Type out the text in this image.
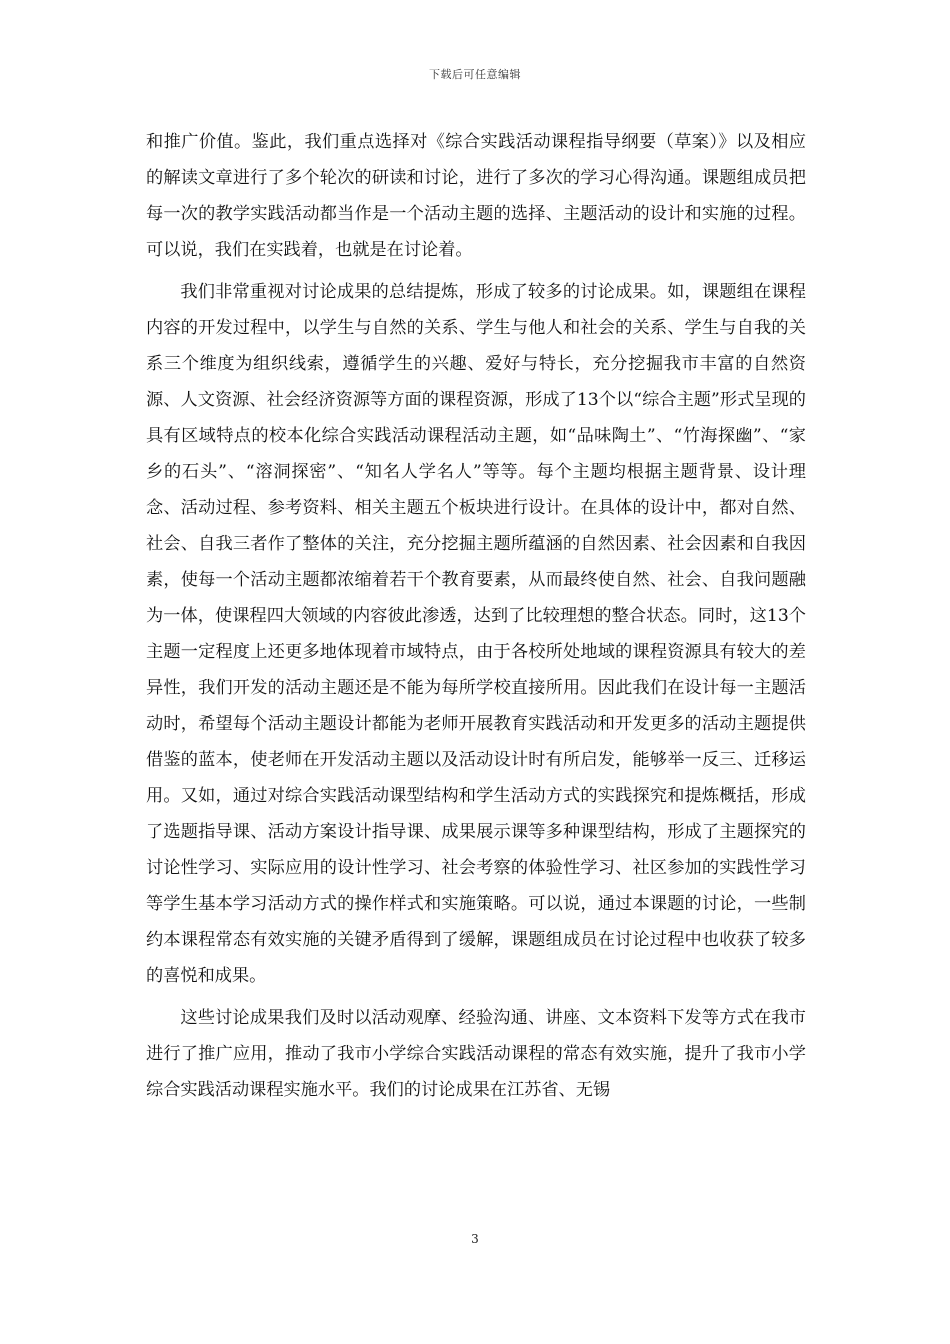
下载后可任意编辑

和推广价值。鉴此，我们重点选择对《综合实践活动课程指导纲要（草案）》以及相应的解读文章进行了多个轮次的研读和讨论，进行了多次的学习心得沟通。课题组成员把每一次的教学实践活动都当作是一个活动主题的选择、主题活动的设计和实施的过程。可以说，我们在实践着，也就是在讨论着。

我们非常重视对讨论成果的总结提炼，形成了较多的讨论成果。如，课题组在课程内容的开发过程中，以学生与自然的关系、学生与他人和社会的关系、学生与自我的关系三个维度为组织线索，遵循学生的兴趣、爱好与特长，充分挖掘我市丰富的自然资源、人文资源、社会经济资源等方面的课程资源，形成了13个以“综合主题”形式呈现的具有区域特点的校本化综合实践活动课程活动主题，如“品味陶土”、“竹海探幽”、“家乡的石头”、“溶洞探密”、“知名人学名人”等等。每个主题均根据主题背景、设计理念、活动过程、参考资料、相关主题五个板块进行设计。在具体的设计中，都对自然、社会、自我三者作了整体的关注，充分挖掘主题所蕴涵的自然因素、社会因素和自我因素，使每一个活动主题都浓缩着若干个教育要素，从而最终使自然、社会、自我问题融为一体，使课程四大领域的内容彼此渗透，达到了比较理想的整合状态。同时，这13个主题一定程度上还更多地体现着市域特点，由于各校所处地域的课程资源具有较大的差异性，我们开发的活动主题还是不能为每所学校直接所用。因此我们在设计每一主题活动时，希望每个活动主题设计都能为老师开展教育实践活动和开发更多的活动主题提供借鉴的蓝本，使老师在开发活动主题以及活动设计时有所启发，能够举一反三、迁移运用。又如，通过对综合实践活动课型结构和学生活动方式的实践探究和提炼概括，形成了选题指导课、活动方案设计指导课、成果展示课等多种课型结构，形成了主题探究的讨论性学习、实际应用的设计性学习、社会考察的体验性学习、社区参加的实践性学习等学生基本学习活动方式的操作样式和实施策略。可以说，通过本课题的讨论，一些制约本课程常态有效实施的关键矛盾得到了缓解，课题组成员在讨论过程中也收获了较多的喜悦和成果。

这些讨论成果我们及时以活动观摩、经验沟通、讲座、文本资料下发等方式在我市进行了推广应用，推动了我市小学综合实践活动课程的常态有效实施，提升了我市小学综合实践活动课程实施水平。我们的讨论成果在江苏省、无锡

3
